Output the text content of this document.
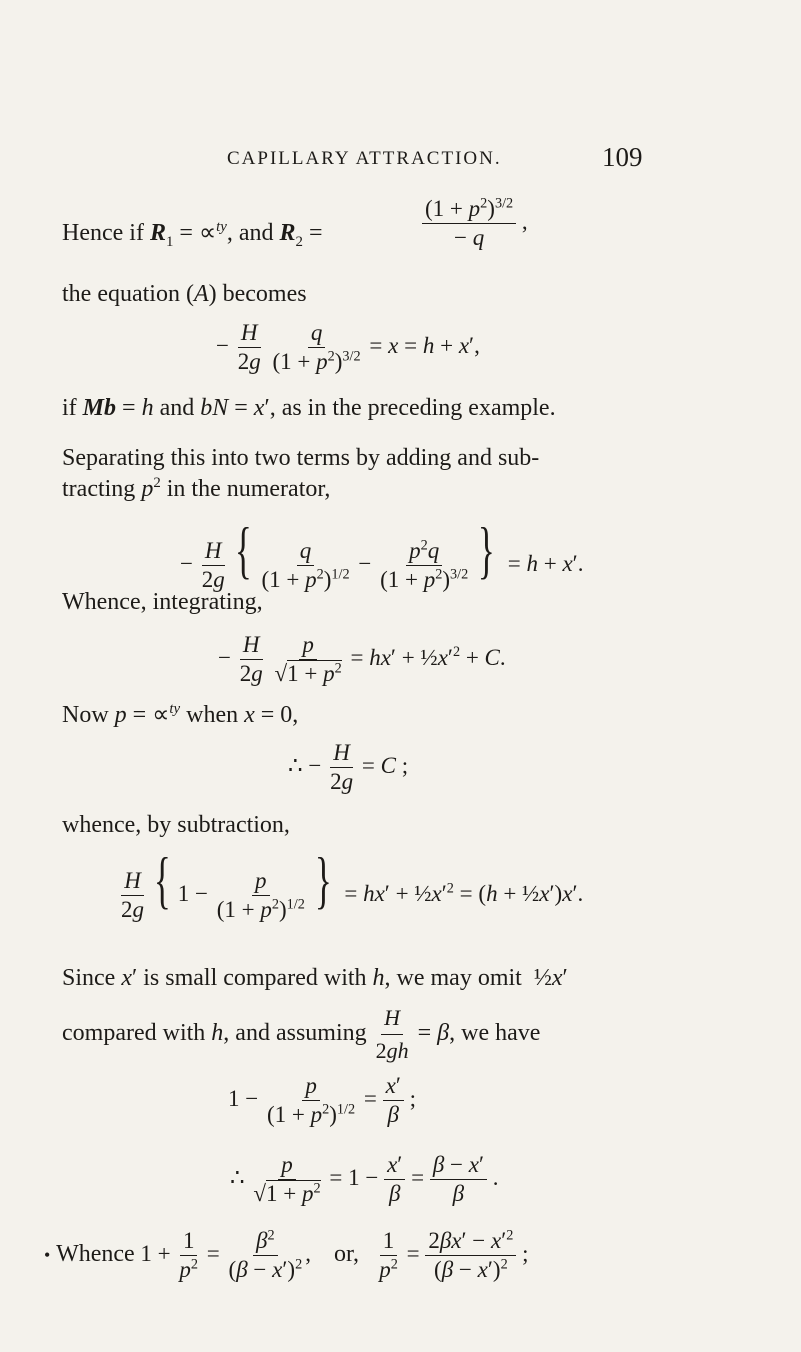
CAPILLARY ATTRACTION.	109
Hence if $R_1 = \propto^{ty}$, and $R_2$ =	$\frac{(1 + p^2)^{3/2}}{- q}$ ,
the equation (A) becomes
− $\frac{H}{2g}$
$\frac{q}{(1 + p^2)^{3/2}} = x = h + x'$,
if Mb = h and bN = x′, as in the preceding example.
Separating this into two terms by adding and sub-
tracting $p^2$ in the numerator,
− $\frac{H}{2g}$ { $\frac{q}{(1 + p^2)^{1/2}} - \frac{p^2q}{(1 + p^2)^{3/2}}$ } = h + x′.
Whence, integrating,
− $\frac{H}{2g}$
$\frac{p}{√1 + p^2} = hx'$ + $\frac{1}{2}x'^2 + C$.
Now p = ∝$^{ty}$ when x = 0,
∴ − $\frac{H}{2g} = C$ ;
whence, by subtraction,
$\frac{H}{2g}$ { $1 - \frac{p}{(1 + p^2)^{1/2}}$ } = $hx' + \frac{1}{2}x'^2 = (h$ + ½x′)x′.
Since x′ is small compared with h, we may omit  ½x′
compared with h, and assuming $\frac{H}{2gh} = \beta$, we have
$1 - \frac{p}{(1 + p^2)^{1/2}} = \frac{x'}{\beta}$ ;
∴ $\frac{p}{√1 + p^2} = 1 - \frac{x'}{\beta} = \frac{\beta - x'}{\beta}$ .
• Whence $1 + \frac{1}{p^2} = \frac{\beta^2}{(\beta - x')^2}$ ,    or, $\frac{1}{p^2} = \frac{2\beta x' - x'^2}{(\beta - x')^2}$ ;
